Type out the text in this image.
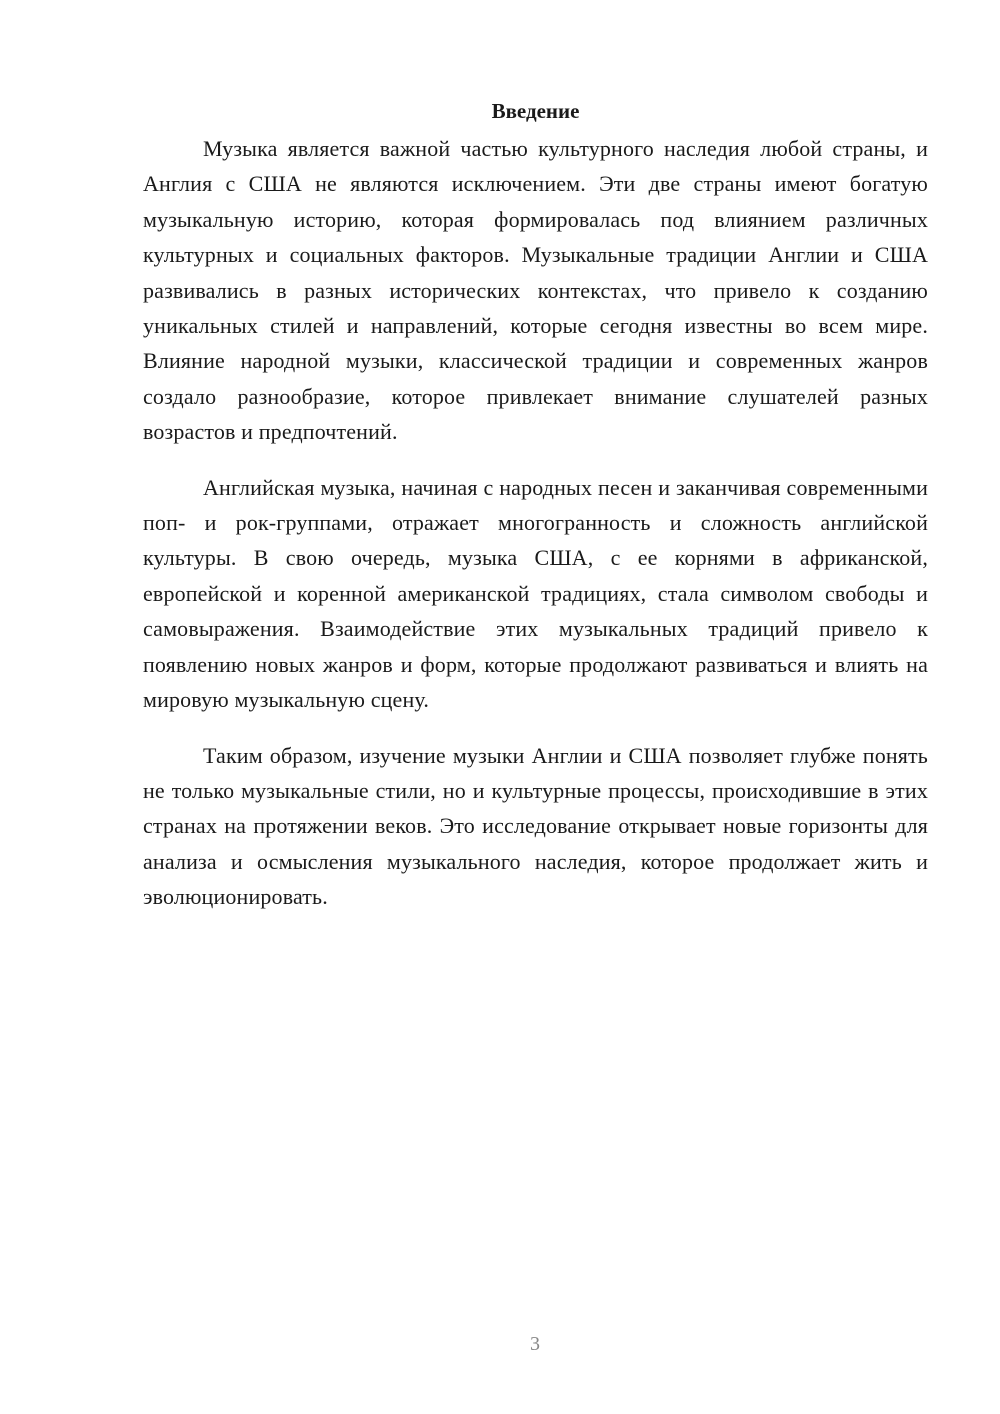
Введение

Музыка является важной частью культурного наследия любой страны, и Англия с США не являются исключением. Эти две страны имеют богатую музыкальную историю, которая формировалась под влиянием различных культурных и социальных факторов. Музыкальные традиции Англии и США развивались в разных исторических контекстах, что привело к созданию уникальных стилей и направлений, которые сегодня известны во всем мире. Влияние народной музыки, классической традиции и современных жанров создало разнообразие, которое привлекает внимание слушателей разных возрастов и предпочтений.

Английская музыка, начиная с народных песен и заканчивая современными поп- и рок-группами, отражает многогранность и сложность английской культуры. В свою очередь, музыка США, с ее корнями в африканской, европейской и коренной американской традициях, стала символом свободы и самовыражения. Взаимодействие этих музыкальных традиций привело к появлению новых жанров и форм, которые продолжают развиваться и влиять на мировую музыкальную сцену.

Таким образом, изучение музыки Англии и США позволяет глубже понять не только музыкальные стили, но и культурные процессы, происходившие в этих странах на протяжении веков. Это исследование открывает новые горизонты для анализа и осмысления музыкального наследия, которое продолжает жить и эволюционировать.

3
